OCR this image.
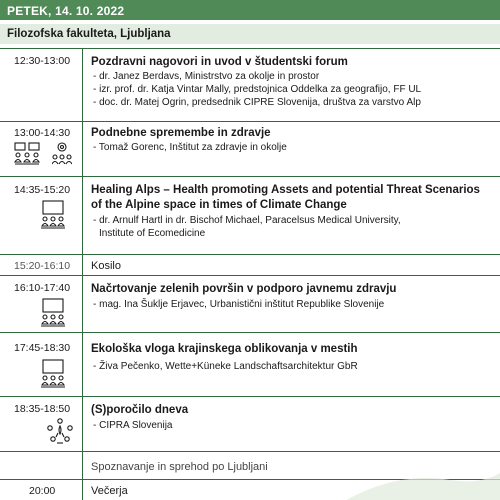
PETEK, 14. 10. 2022
Filozofska fakulteta, Ljubljana
12:30-13:00 Pozdravni nagovori in uvod v študentski forum
- dr. Janez Berdavs, Ministrstvo za okolje in prostor
- izr. prof. dr. Katja Vintar Mally, predstojnica Oddelka za geografijo, FF UL
- doc. dr. Matej Ogrin, predsednik CIPRE Slovenija, društva za varstvo Alp
13:00-14:30 Podnebne spremembe in zdravje
- Tomaž Gorenc, Inštitut za zdravje in okolje
14:35-15:20 Healing Alps – Health promoting Assets and potential Threat Scenarios of the Alpine space in times of Climate Change
- dr. Arnulf Hartl in dr. Bischof Michael, Paracelsus Medical University,
Institute of Ecomedicine
15:20-16:10 Kosilo
16:10-17:40 Načrtovanje zelenih površin v podporo javnemu zdravju
- mag. Ina Šuklje Erjavec, Urbanistični inštitut Republike Slovenije
17:45-18:30 Ekološka vloga krajinskega oblikovanja v mestih
- Živa Pečenko, Wette+Küneke Landschaftsarchitektur GbR
18:35-18:50 (S)poročilo dneva
- CIPRA Slovenija
Spoznavanje in sprehod po Ljubljani
20:00	Večerja
